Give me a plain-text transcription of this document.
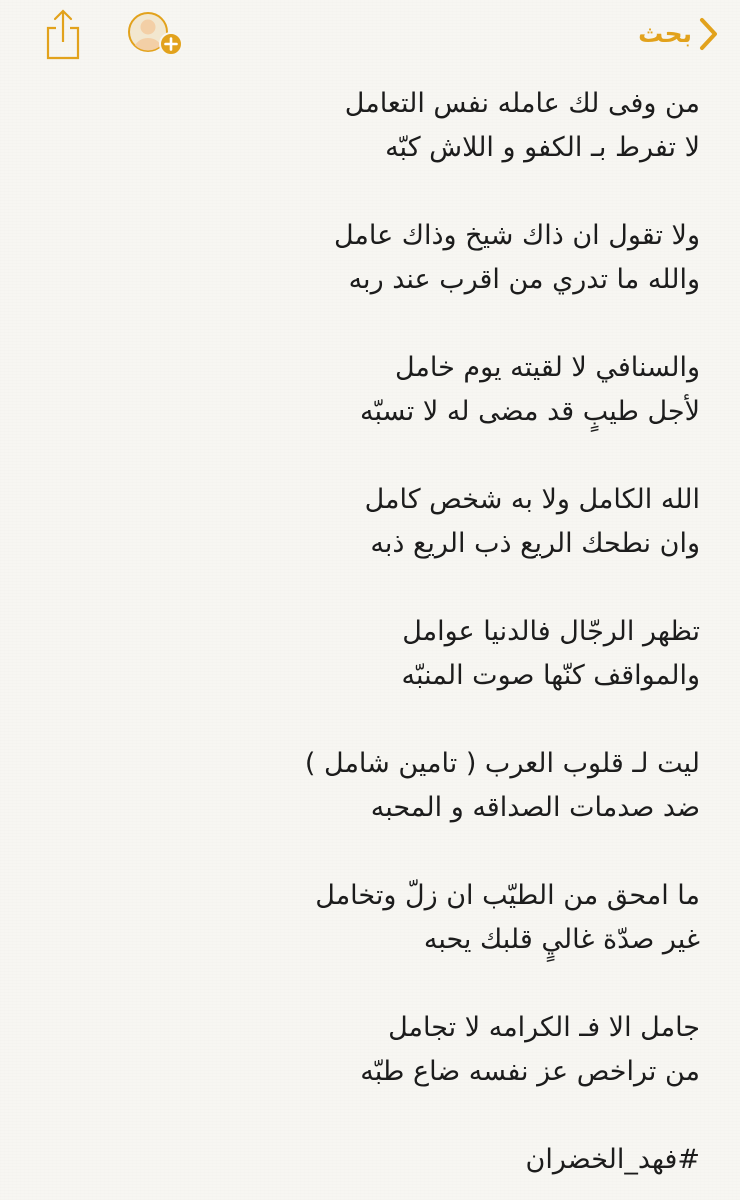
بحث
من وفى لك عامله نفس التعامل
لا تفرط بـ الكفو و اللاش كبّه
ولا تقول ان ذاك شيخ وذاك عامل
والله ما تدري من اقرب عند ربه
والسنافي لا لقيته يوم خامل
لأجل طيبٍ قد مضى له لا تسبّه
الله الكامل ولا به شخص كامل
وان نطحك الريع ذب الريع ذبه
تظهر الرجّال فالدنيا عوامل
والمواقف كنّها صوت المنبّه
ليت لـ قلوب العرب ( تامين شامل )
ضد صدمات الصداقه و المحبه
ما امحق من الطيّب ان زلّ وتخامل
غير صدّة غاليٍ قلبك يحبه
جامل الا فـ الكرامه لا تجامل
من تراخص عز نفسه ضاع طبّه
#فهد_الخضران
